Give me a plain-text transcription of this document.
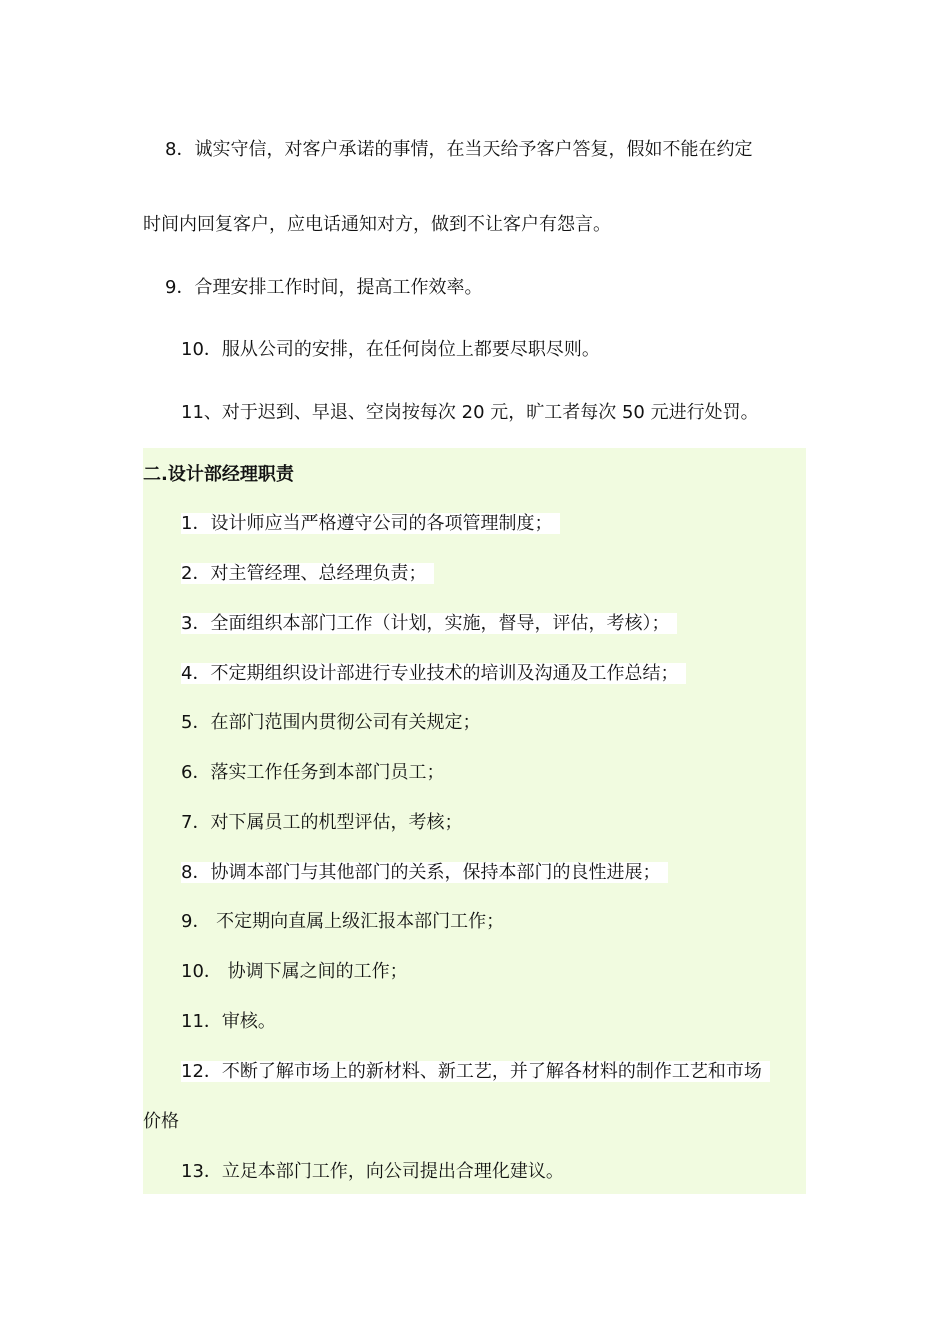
8．诚实守信，对客户承诺的事情，在当天给予客户答复，假如不能在约定
时间内回复客户，应电话通知对方，做到不让客户有怨言。
9．合理安排工作时间，提高工作效率。
10．服从公司的安排，在任何岗位上都要尽职尽则。
11、对于迟到、早退、空岗按每次 20 元，旷工者每次 50 元进行处罚。
二.设计部经理职责
1．设计师应当严格遵守公司的各项管理制度；
2．对主管经理、总经理负责；
3．全面组织本部门工作（计划，实施，督导，评估，考核）；
4．不定期组织设计部进行专业技术的培训及沟通及工作总结；
5．在部门范围内贯彻公司有关规定；
6．落实工作任务到本部门员工；
7．对下属员工的机型评估，考核；
8．协调本部门与其他部门的关系，保持本部门的良性进展；
9． 不定期向直属上级汇报本部门工作；
10． 协调下属之间的工作；
11．审核。
12．不断了解市场上的新材料、新工艺，并了解各材料的制作工艺和市场
价格
13．立足本部门工作，向公司提出合理化建议。
